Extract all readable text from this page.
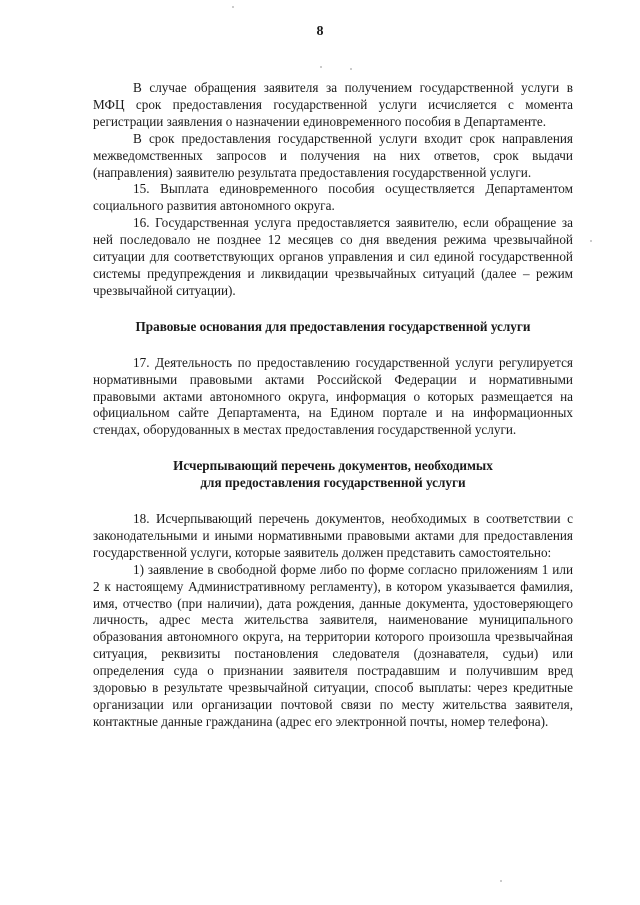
8

В случае обращения заявителя за получением государственной услуги в МФЦ срок предоставления государственной услуги исчисляется с момента регистрации заявления о назначении единовременного пособия в Департаменте.

В срок предоставления государственной услуги входит срок направления межведомственных запросов и получения на них ответов, срок выдачи (направления) заявителю результата предоставления государственной услуги.

15. Выплата единовременного пособия осуществляется Департаментом социального развития автономного округа.

16. Государственная услуга предоставляется заявителю, если обращение за ней последовало не позднее 12 месяцев со дня введения режима чрезвычайной ситуации для соответствующих органов управления и сил единой государственной системы предупреждения и ликвидации чрезвычайных ситуаций (далее – режим чрезвычайной ситуации).

Правовые основания для предоставления государственной услуги

17. Деятельность по предоставлению государственной услуги регулируется нормативными правовыми актами Российской Федерации и нормативными правовыми актами автономного округа, информация о которых размещается на официальном сайте Департамента, на Едином портале и на информационных стендах, оборудованных в местах предоставления государственной услуги.

Исчерпывающий перечень документов, необходимых
для предоставления государственной услуги

18. Исчерпывающий перечень документов, необходимых в соответствии с законодательными и иными нормативными правовыми актами для предоставления государственной услуги, которые заявитель должен представить самостоятельно:

1) заявление в свободной форме либо по форме согласно приложениям 1 или 2 к настоящему Административному регламенту), в котором указывается фамилия, имя, отчество (при наличии), дата рождения, данные документа, удостоверяющего личность, адрес места жительства заявителя, наименование муниципального образования автономного округа, на территории которого произошла чрезвычайная ситуация, реквизиты постановления следователя (дознавателя, судьи) или определения суда о признании заявителя пострадавшим и получившим вред здоровью в результате чрезвычайной ситуации, способ выплаты: через кредитные организации или организации почтовой связи по месту жительства заявителя, контактные данные гражданина (адрес его электронной почты, номер телефона).
